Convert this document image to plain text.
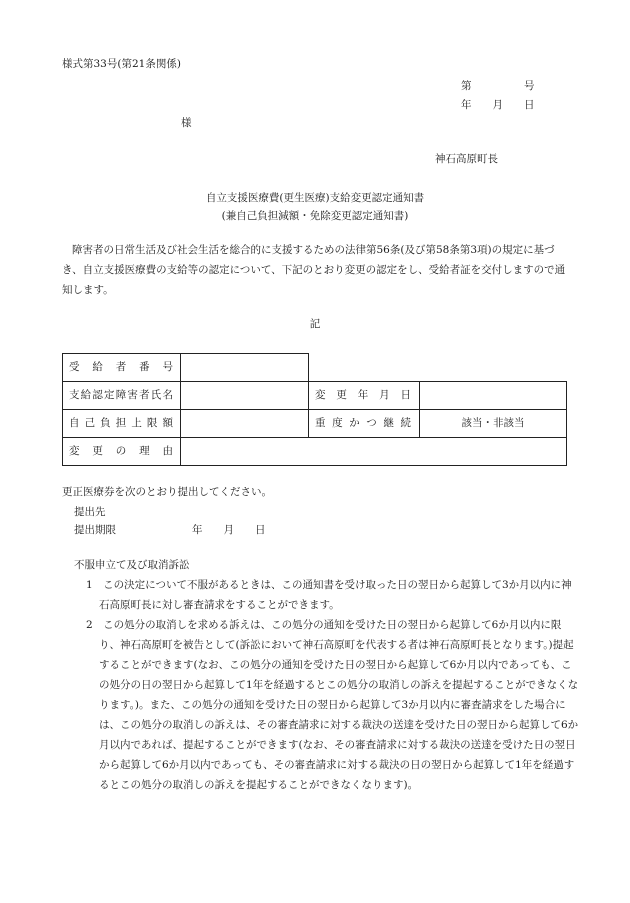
様式第33号(第21条関係)
第　　　　　号
年　　月　　日
様
神石高原町長
自立支援医療費(更生医療)支給変更認定通知書
(兼自己負担減額・免除変更認定通知書)
障害者の日常生活及び社会生活を総合的に支援するための法律第56条(及び第58条第3項)の規定に基づき、自立支援医療費の支給等の認定について、下記のとおり変更の認定をし、受給者証を交付しますので通知します。
記
受給者番号			
支給認定障害者氏名		変更年月日	
自己負担上限額		重度かつ継続	該当・非該当
変更の理由			
更正医療券を次のとおり提出してください。
提出先
提出期限	年　　月　　日
不服申立て及び取消訴訟
1　この決定について不服があるときは、この通知書を受け取った日の翌日から起算して3か月以内に神石高原町長に対し審査請求をすることができます。
2　この処分の取消しを求める訴えは、この処分の通知を受けた日の翌日から起算して6か月以内に限り、神石高原町を被告として(訴訟において神石高原町を代表する者は神石高原町長となります。)提起することができます(なお、この処分の通知を受けた日の翌日から起算して6か月以内であっても、この処分の日の翌日から起算して1年を経過するとこの処分の取消しの訴えを提起することができなくなります。)。また、この処分の通知を受けた日の翌日から起算して3か月以内に審査請求をした場合には、この処分の取消しの訴えは、その審査請求に対する裁決の送達を受けた日の翌日から起算して6か月以内であれば、提起することができます(なお、その審査請求に対する裁決の送達を受けた日の翌日から起算して6か月以内であっても、その審査請求に対する裁決の日の翌日から起算して1年を経過するとこの処分の取消しの訴えを提起することができなくなります)。
